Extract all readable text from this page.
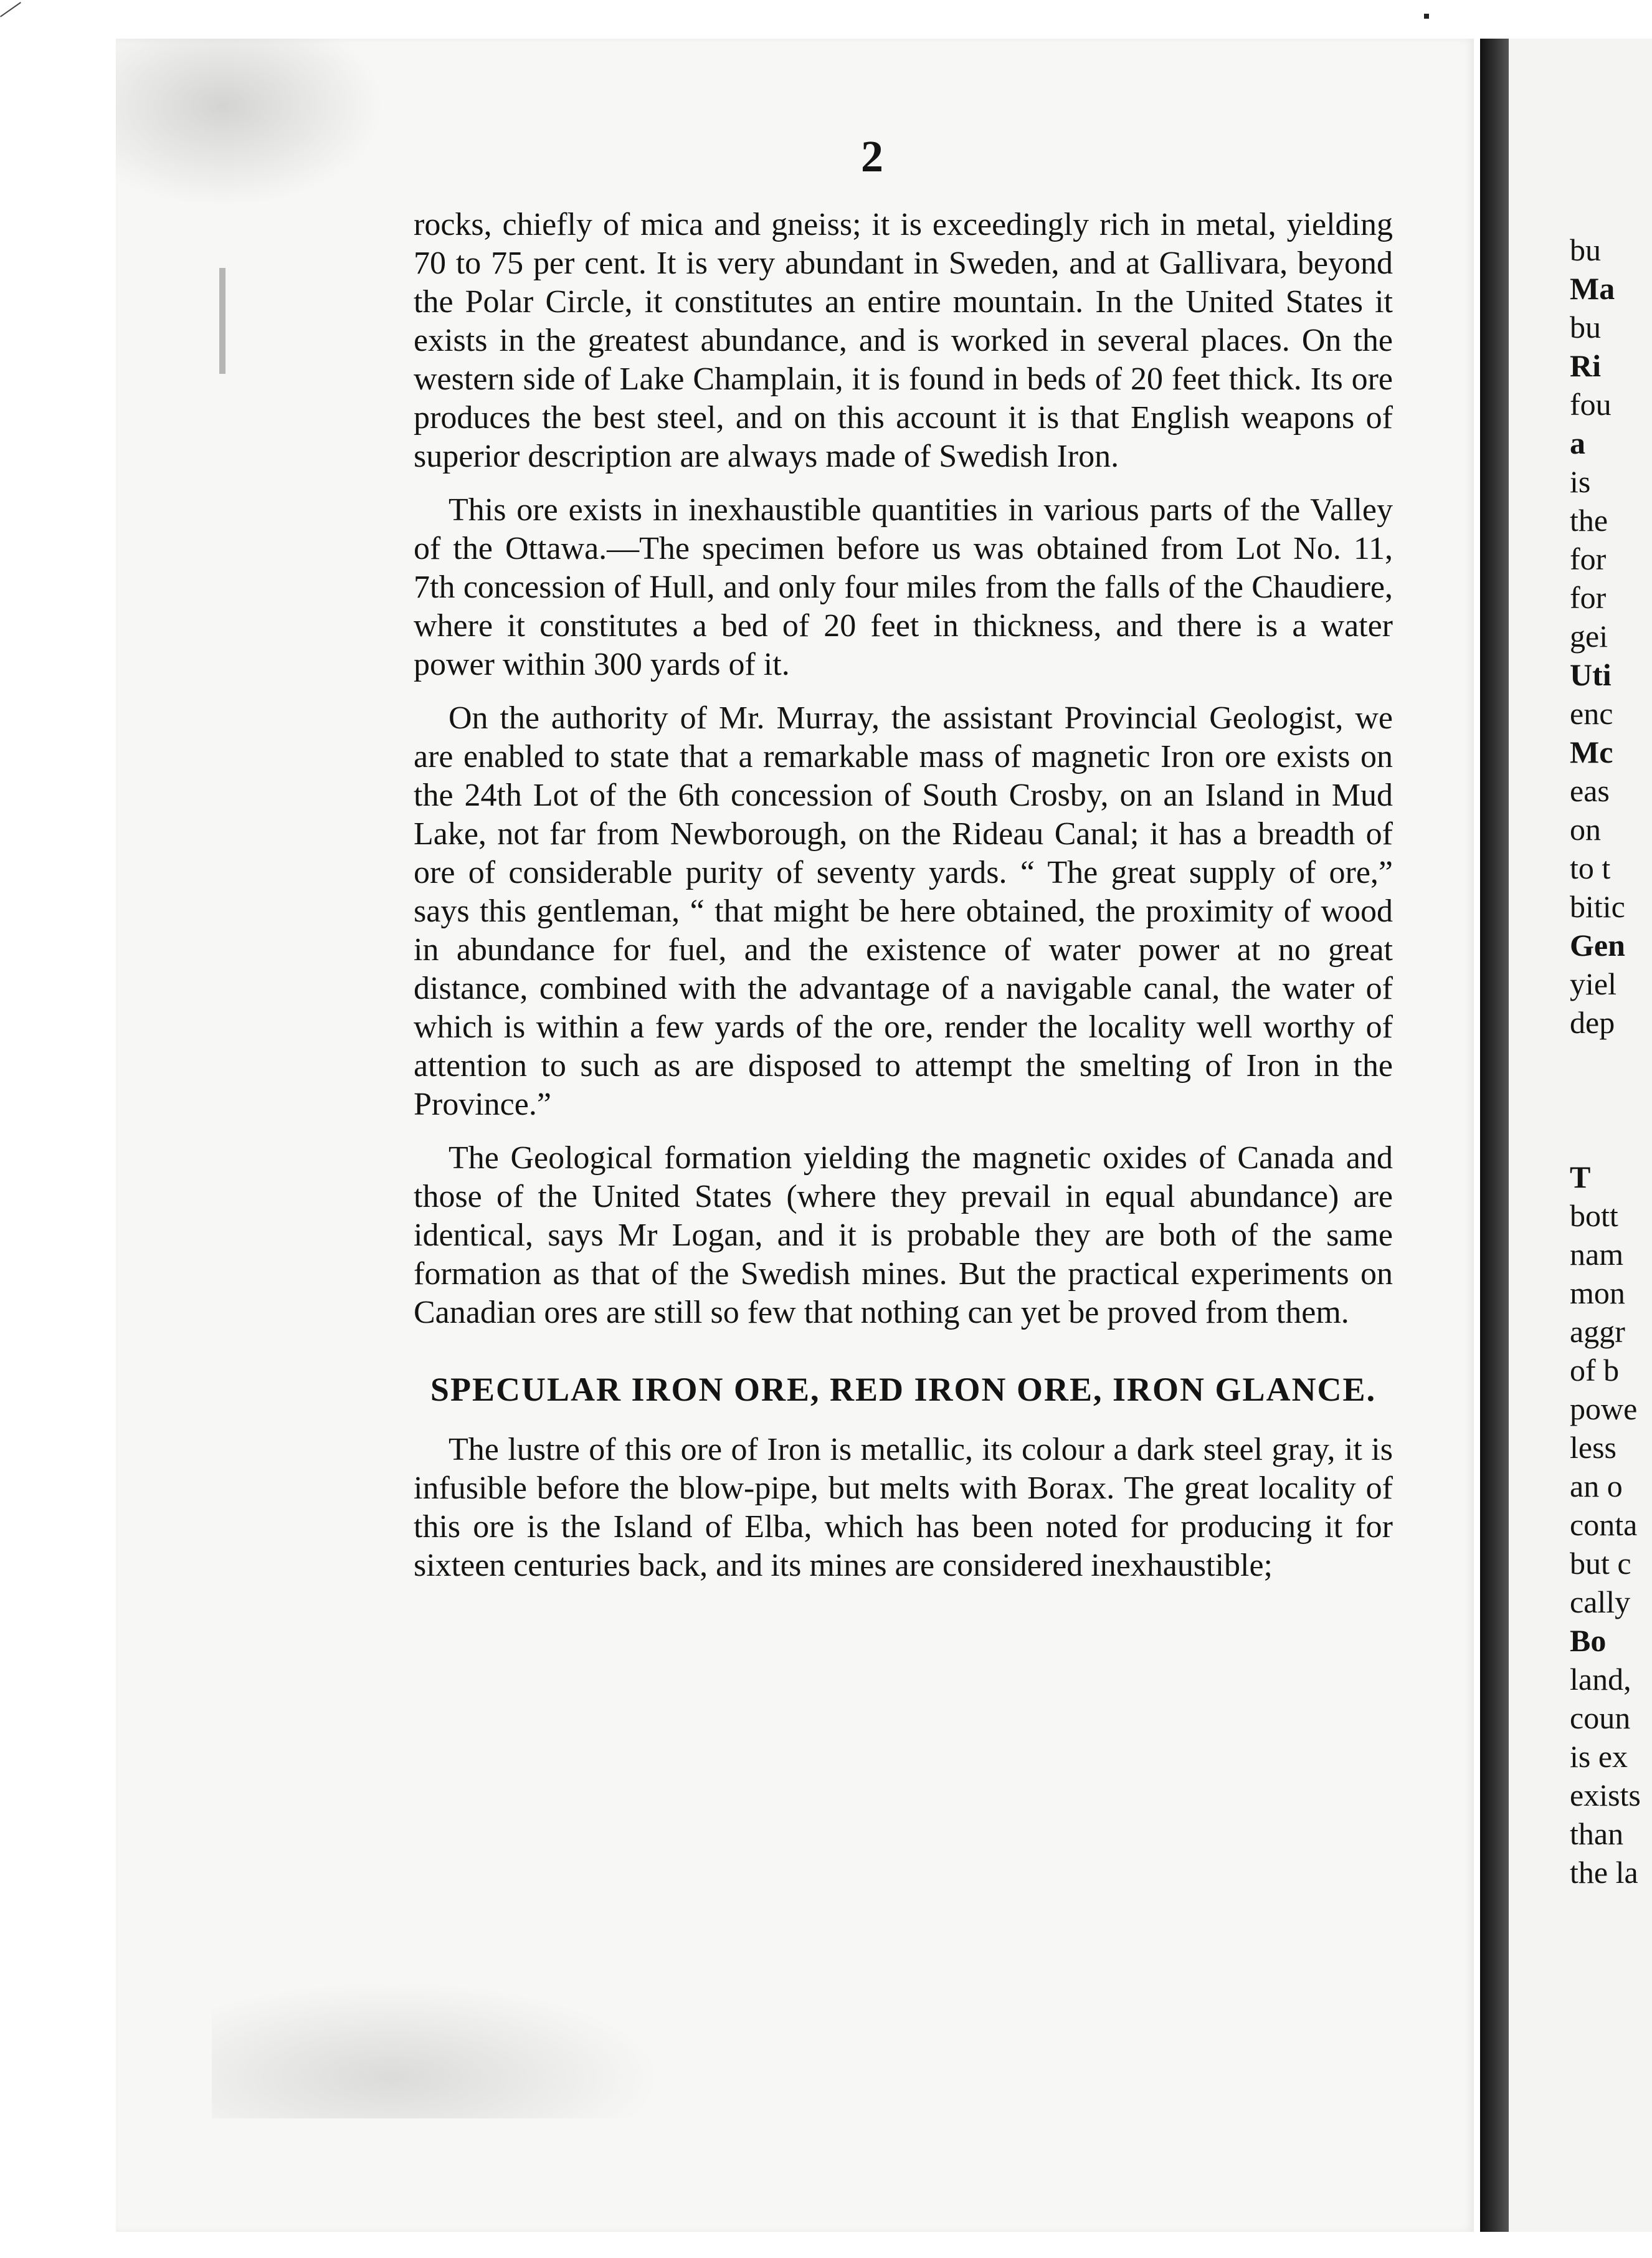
2

rocks, chiefly of mica and gneiss; it is exceedingly rich in metal, yielding 70 to 75 per cent. It is very abundant in Sweden, and at Gallivara, beyond the Polar Circle, it constitutes an entire mountain. In the United States it exists in the greatest abundance, and is worked in several places. On the western side of Lake Champlain, it is found in beds of 20 feet thick. Its ore produces the best steel, and on this account it is that English weapons of superior description are always made of Swedish Iron.

This ore exists in inexhaustible quantities in various parts of the Valley of the Ottawa.—The specimen before us was obtained from Lot No. 11, 7th concession of Hull, and only four miles from the falls of the Chaudiere, where it constitutes a bed of 20 feet in thickness, and there is a water power within 300 yards of it.

On the authority of Mr. Murray, the assistant Provincial Geologist, we are enabled to state that a remarkable mass of magnetic Iron ore exists on the 24th Lot of the 6th concession of South Crosby, on an Island in Mud Lake, not far from Newborough, on the Rideau Canal; it has a breadth of ore of considerable purity of seventy yards. “ The great supply of ore,” says this gentleman, “ that might be here obtained, the proximity of wood in abundance for fuel, and the existence of water power at no great distance, combined with the advantage of a navigable canal, the water of which is within a few yards of the ore, render the locality well worthy of attention to such as are disposed to attempt the smelting of Iron in the Province.”

The Geological formation yielding the magnetic oxides of Canada and those of the United States (where they prevail in equal abundance) are identical, says Mr Logan, and it is probable they are both of the same formation as that of the Swedish mines. But the practical experiments on Canadian ores are still so few that nothing can yet be proved from them.

SPECULAR IRON ORE, RED IRON ORE, IRON GLANCE.

The lustre of this ore of Iron is metallic, its colour a dark steel gray, it is infusible before the blow-pipe, but melts with Borax. The great locality of this ore is the Island of Elba, which has been noted for producing it for sixteen centuries back, and its mines are considered inexhaustible;

bu
Ma
bu
Ri
fou
a
is
the
for
for
gei
Uti
enc
Mc
eas
on
to t
bitic
Gen
yiel
dep
T
bott
nam
mon
aggr
of b
powe
less
an o
conta
but c
cally
Bo
land,
coun
is ex
exists
than
the la
